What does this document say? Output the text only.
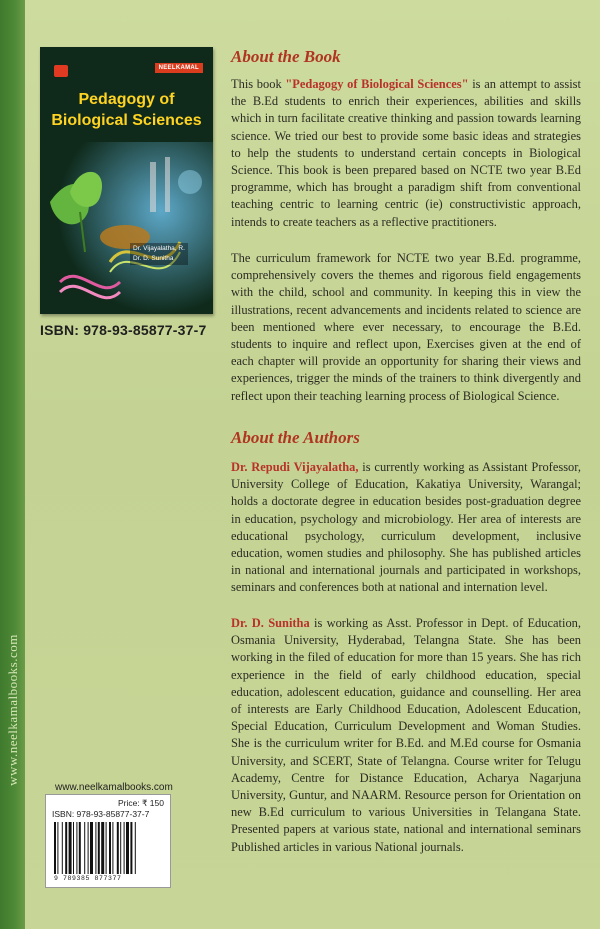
www.neelkamalbooks.com
NEELKAMAL
Pedagogy of
Biological Sciences
Dr. Vijayalatha, R.
Dr. D. Sunitha
ISBN: 978-93-85877-37-7
About the Book
This book "Pedagogy of Biological Sciences" is an attempt to assist the B.Ed students to enrich their experiences, abilities and skills which in turn facilitate creative thinking and passion towards learning science. We tried our best to provide some basic ideas and strategies to help the students to understand certain concepts in Biological Science. This book is been prepared based on NCTE two year B.Ed programme, which has brought a paradigm shift from conventional teaching centric to learning centric (ie) constructivistic approach, intends to create teachers as a reflective practitioners.
The curriculum framework for NCTE two year B.Ed. programme, comprehensively covers the themes and rigorous field engagements with the child, school and community. In keeping this in view the illustrations, recent advancements and incidents related to science are been mentioned where ever necessary, to encourage the B.Ed. students to inquire and reflect upon, Exercises given at the end of each chapter will provide an opportunity for sharing their views and experiences, trigger the minds of the trainers to think divergently and reflect upon their teaching learning process of Biological Science.
About the Authors
Dr. Repudi Vijayalatha, is currently working as Assistant Professor, University College of Education, Kakatiya University, Warangal; holds a doctorate degree in education besides post-graduation degree in education, psychology and microbiology. Her area of interests are educational psychology, curriculum development, inclusive education, women studies and philosophy. She has published articles in national and international journals and participated in workshops, seminars and conferences both at national and internation level.
Dr. D. Sunitha is working as Asst. Professor in Dept. of Education, Osmania University, Hyderabad, Telangna State. She has been working in the filed of education for more than 15 years. She has rich experience in the field of early childhood education, special education, adolescent education, guidance and counselling. Her area of interests are Early Childhood Education, Adolescent Education, Special Education, Curriculum Development and Woman Studies. She is the curriculum writer for B.Ed. and M.Ed course for Osmania University, and SCERT, State of Telangna. Course writer for Telugu Academy, Centre for Distance Education, Acharya Nagarjuna University, Guntur, and NAARM. Resource person for Orientation on new B.Ed curriculum to various Universities in Telangana State. Presented papers at various state, national and international seminars Published articles in various National journals.
www.neelkamalbooks.com
Price: ₹ 150
ISBN: 978-93-85877-37-7
9 789385 877377
